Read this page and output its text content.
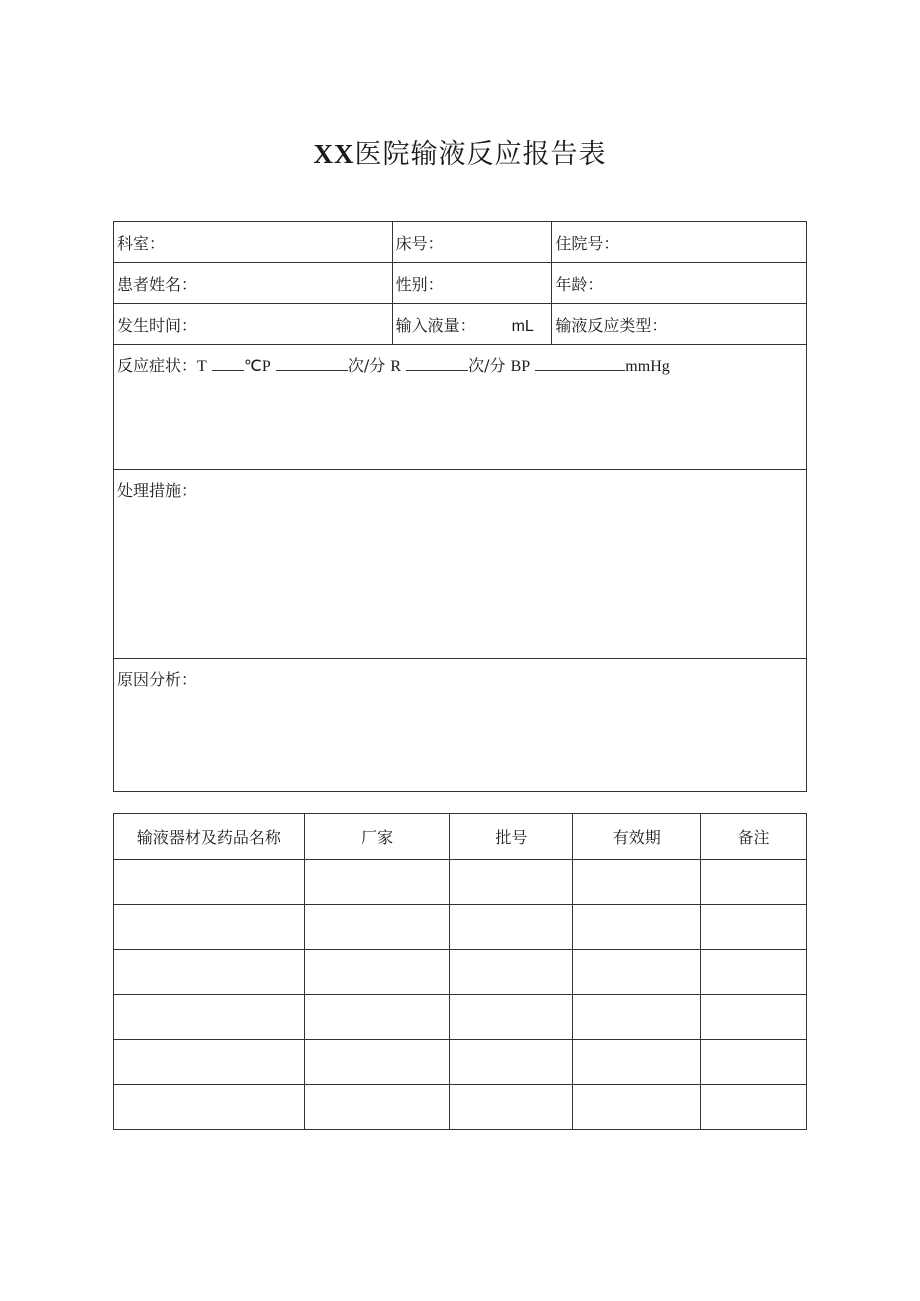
XX医院输液反应报告表
科室：	床号：	住院号：
患者姓名：	性别：	年龄：
发生时间：	输入液量： mL	输液反应类型：
反应症状：T ℃P 次/分 R 次/分 BP mmHg		
处理措施：		
原因分析：		
输液器材及药品名称	厂家	批号	有效期	备注
